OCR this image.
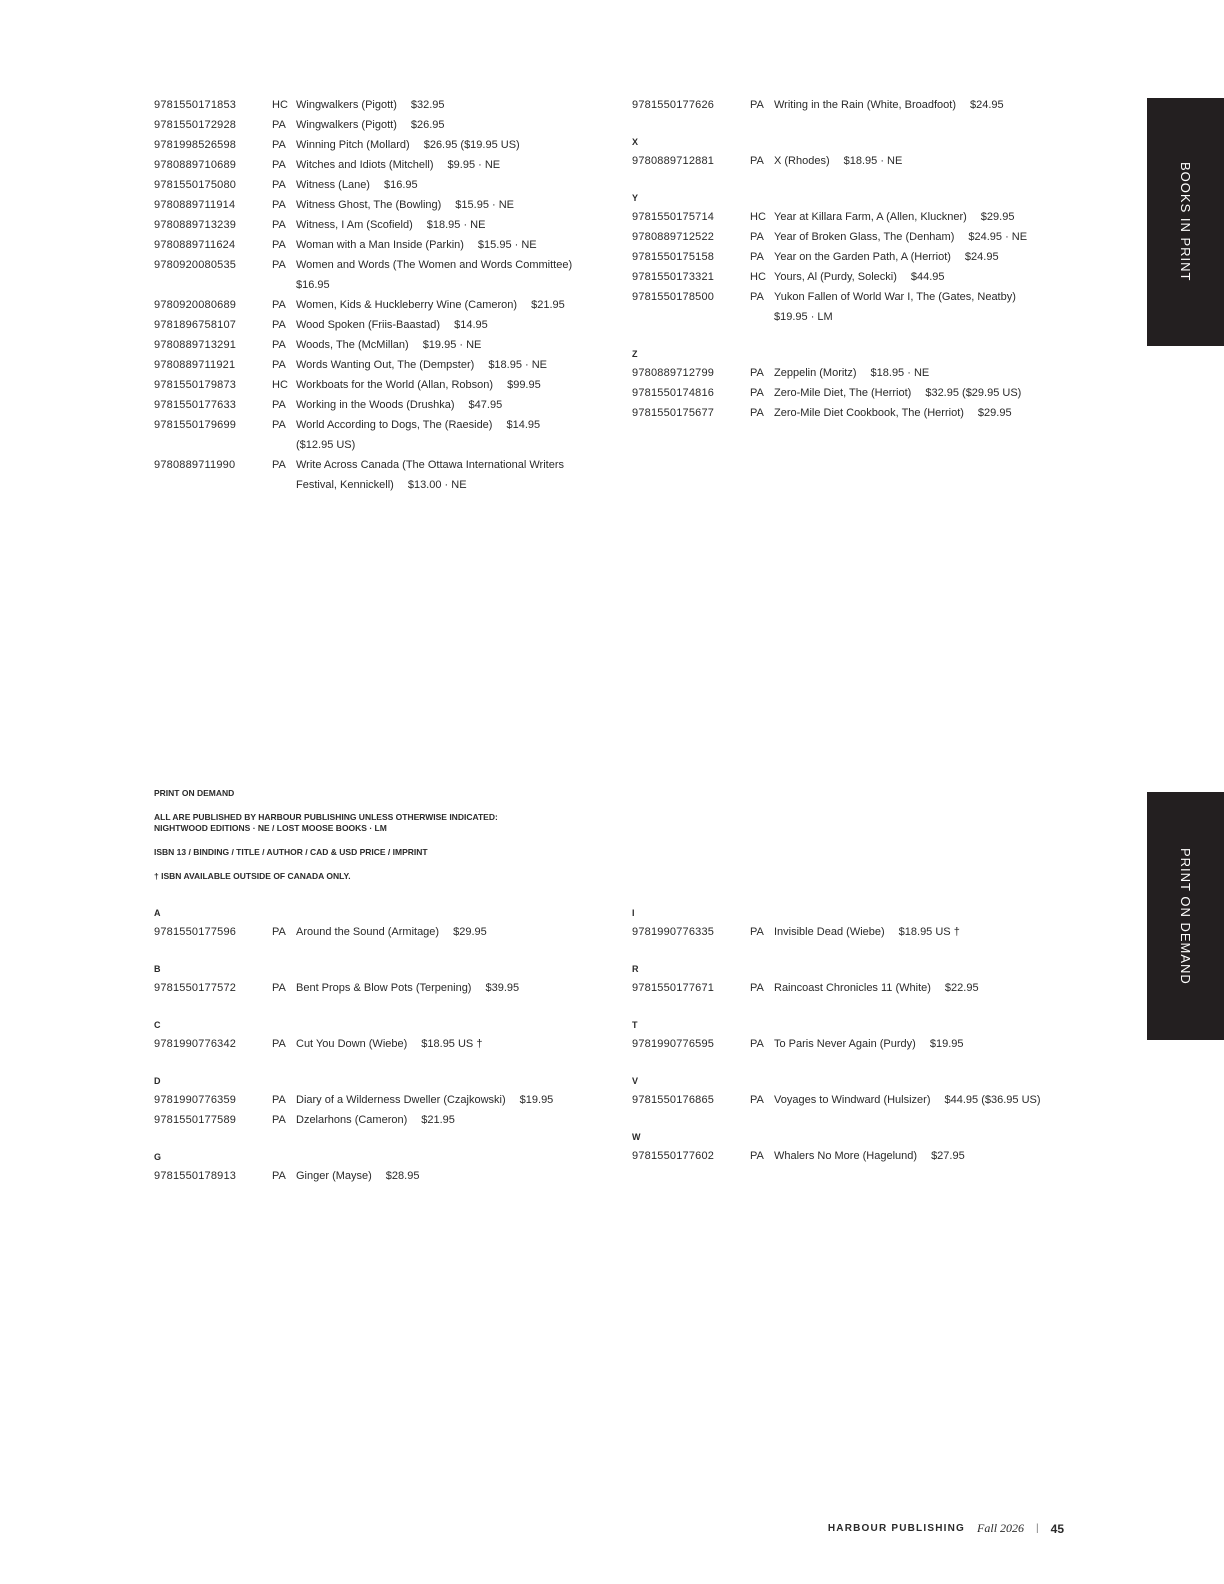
9781550171853	HC Wingwalkers (Pigott) $32.95
9781550172928	PA Wingwalkers (Pigott) $26.95
9781998526598	PA Winning Pitch (Mollard) $26.95 ($19.95 US)
9780889710689	PA Witches and Idiots (Mitchell) $9.95 · NE
9781550175080	PA Witness (Lane) $16.95
9780889711914	PA Witness Ghost, The (Bowling) $15.95 · NE
9780889713239	PA Witness, I Am (Scofield) $18.95 · NE
9780889711624	PA Woman with a Man Inside (Parkin) $15.95 · NE
9780920080535	PA Women and Words (The Women and Words Committee)
$16.95
9780920080689	PA Women, Kids & Huckleberry Wine (Cameron) $21.95
9781896758107	PA Wood Spoken (Friis-Baastad) $14.95
9780889713291	PA Woods, The (McMillan) $19.95 · NE
9780889711921	PA Words Wanting Out, The (Dempster) $18.95 · NE
9781550179873	HC Workboats for the World (Allan, Robson) $99.95
9781550177633	PA Working in the Woods (Drushka) $47.95
9781550179699	PA World According to Dogs, The (Raeside) $14.95 ($12.95 US)
9780889711990	PA Write Across Canada (The Ottawa International Writers Festival, Kennickell) $13.00 · NE
9781550177626	PA Writing in the Rain (White, Broadfoot) $24.95
X
9780889712881	PA X (Rhodes) $18.95 · NE
Y
9781550175714	HC Year at Killara Farm, A (Allen, Kluckner) $29.95
9780889712522	PA Year of Broken Glass, The (Denham) $24.95 · NE
9781550175158	PA Year on the Garden Path, A (Herriot) $24.95
9781550173321	HC Yours, Al (Purdy, Solecki) $44.95
9781550178500	PA Yukon Fallen of World War I, The (Gates, Neatby)
$19.95 · LM
Z
9780889712799	PA Zeppelin (Moritz) $18.95 · NE
9781550174816	PA Zero-Mile Diet, The (Herriot) $32.95 ($29.95 US)
9781550175677	PA Zero-Mile Diet Cookbook, The (Herriot) $29.95
BOOKS IN PRINT
PRINT ON DEMAND
PRINT ON DEMAND
ALL ARE PUBLISHED BY HARBOUR PUBLISHING UNLESS OTHERWISE INDICATED:
NIGHTWOOD EDITIONS · NE / LOST MOOSE BOOKS · LM
ISBN 13 / BINDING / TITLE / AUTHOR / CAD & USD PRICE / IMPRINT
† ISBN AVAILABLE OUTSIDE OF CANADA ONLY.
A
9781550177596	PA Around the Sound (Armitage) $29.95
B
9781550177572	PA Bent Props & Blow Pots (Terpening) $39.95
C
9781990776342	PA Cut You Down (Wiebe) $18.95 US †
D
9781990776359	PA Diary of a Wilderness Dweller (Czajkowski) $19.95
9781550177589	PA Dzelarhons (Cameron) $21.95
G
9781550178913	PA Ginger (Mayse) $28.95
I
9781990776335	PA Invisible Dead (Wiebe) $18.95 US †
R
9781550177671	PA Raincoast Chronicles 11 (White) $22.95
T
9781990776595	PA To Paris Never Again (Purdy) $19.95
V
9781550176865	PA Voyages to Windward (Hulsizer) $44.95 ($36.95 US)
W
9781550177602	PA Whalers No More (Hagelund) $27.95
HARBOUR PUBLISHING Fall 2026 | 45
